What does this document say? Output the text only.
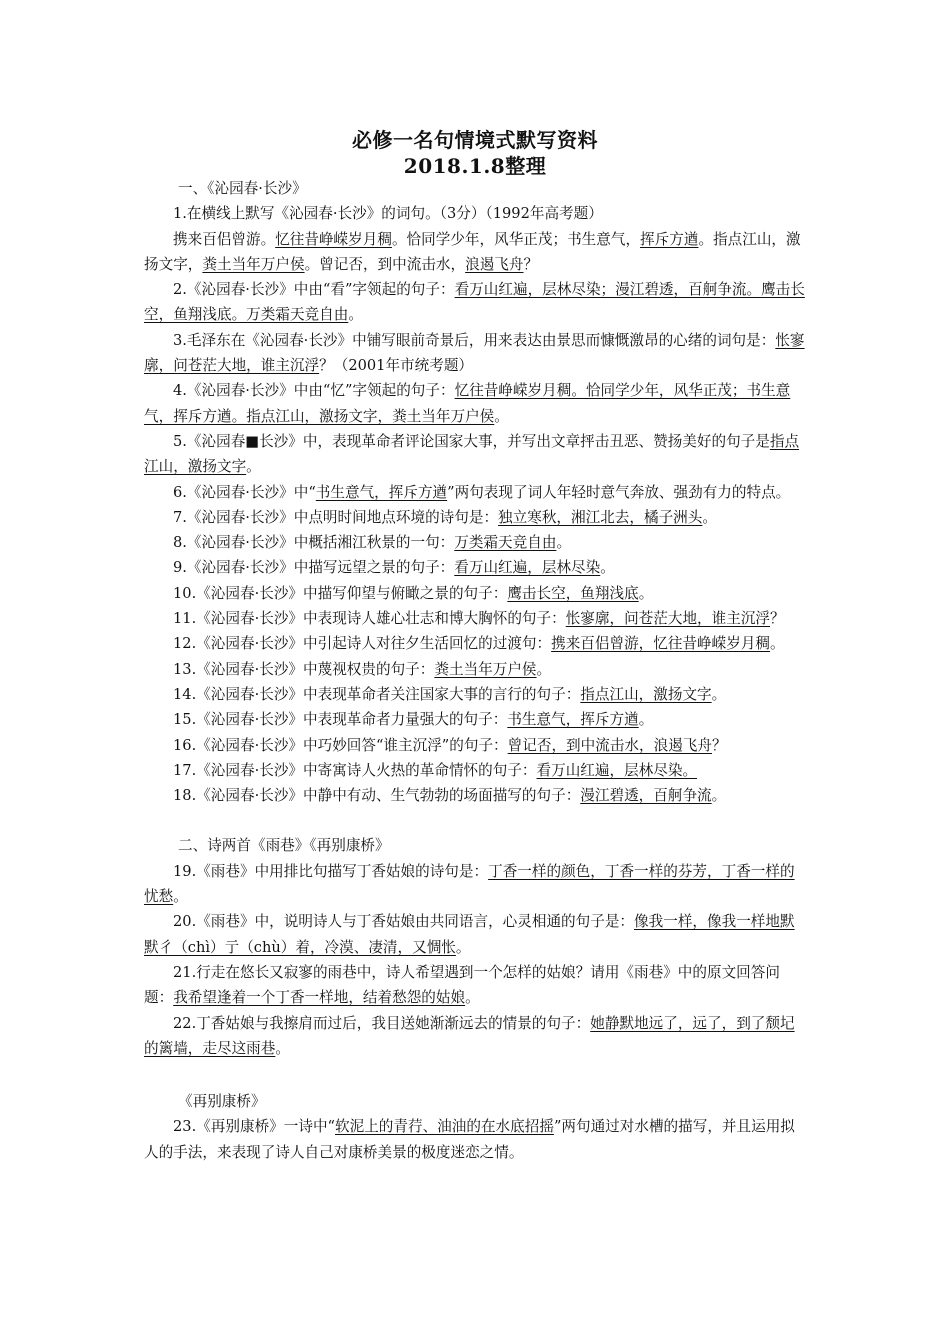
必修一名句情境式默写资料
2018.1.8整理

一、《沁园春·长沙》

1.在横线上默写《沁园春·长沙》的词句。（3分）（1992年高考题）

携来百侣曾游。忆往昔峥嵘岁月稠。恰同学少年，风华正茂；书生意气，挥斥方遒。指点江山，激扬文字，粪土当年万户侯。曾记否，到中流击水，浪遏飞舟？

2.《沁园春·长沙》中由“看”字领起的句子：看万山红遍，层林尽染；漫江碧透，百舸争流。鹰击长空，鱼翔浅底。万类霜天竞自由。

3.毛泽东在《沁园春·长沙》中铺写眼前奇景后，用来表达由景思而慷慨激昂的心绪的词句是：怅寥廓，问苍茫大地，谁主沉浮？（2001年市统考题）

4.《沁园春·长沙》中由“忆”字领起的句子：忆往昔峥嵘岁月稠。恰同学少年，风华正茂；书生意气，挥斥方遒。指点江山，激扬文字，粪土当年万户侯。

5.《沁园春■长沙》中，表现革命者评论国家大事，并写出文章抨击丑恶、赞扬美好的句子是指点江山，激扬文字。

6.《沁园春·长沙》中“书生意气，挥斥方遒”两句表现了词人年轻时意气奔放、强劲有力的特点。

7.《沁园春·长沙》中点明时间地点环境的诗句是：独立寒秋，湘江北去，橘子洲头。

8.《沁园春·长沙》中概括湘江秋景的一句：万类霜天竞自由。

9.《沁园春·长沙》中描写远望之景的句子：看万山红遍，层林尽染。

10.《沁园春·长沙》中描写仰望与俯瞰之景的句子：鹰击长空，鱼翔浅底。

11.《沁园春·长沙》中表现诗人雄心壮志和博大胸怀的句子：怅寥廓，问苍茫大地，谁主沉浮？

12.《沁园春·长沙》中引起诗人对往夕生活回忆的过渡句：携来百侣曾游，忆往昔峥嵘岁月稠。

13.《沁园春·长沙》中蔑视权贵的句子：粪土当年万户侯。

14.《沁园春·长沙》中表现革命者关注国家大事的言行的句子：指点江山，激扬文字。

15.《沁园春·长沙》中表现革命者力量强大的句子：书生意气，挥斥方遒。

16.《沁园春·长沙》中巧妙回答“谁主沉浮”的句子：曾记否，到中流击水，浪遏飞舟？

17.《沁园春·长沙》中寄寓诗人火热的革命情怀的句子：看万山红遍，层林尽染。

18.《沁园春·长沙》中静中有动、生气勃勃的场面描写的句子：漫江碧透，百舸争流。

二、诗两首《雨巷》《再别康桥》

19.《雨巷》中用排比句描写丁香姑娘的诗句是：丁香一样的颜色，丁香一样的芬芳，丁香一样的忧愁。

20.《雨巷》中，说明诗人与丁香姑娘由共同语言，心灵相通的句子是：像我一样，像我一样地默默彳（chì）亍（chù）着，冷漠、凄清，又惆怅。

21.行走在悠长又寂寥的雨巷中，诗人希望遇到一个怎样的姑娘？请用《雨巷》中的原文回答问题：我希望逢着一个丁香一样地，结着愁怨的姑娘。

22.丁香姑娘与我擦肩而过后，我目送她渐渐远去的情景的句子：她静默地远了，远了，到了颓圮的篱墙，走尽这雨巷。

《再别康桥》

23.《再别康桥》一诗中“软泥上的青荇、油油的在水底招摇”两句通过对水槽的描写，并且运用拟人的手法，来表现了诗人自己对康桥美景的极度迷恋之情。
